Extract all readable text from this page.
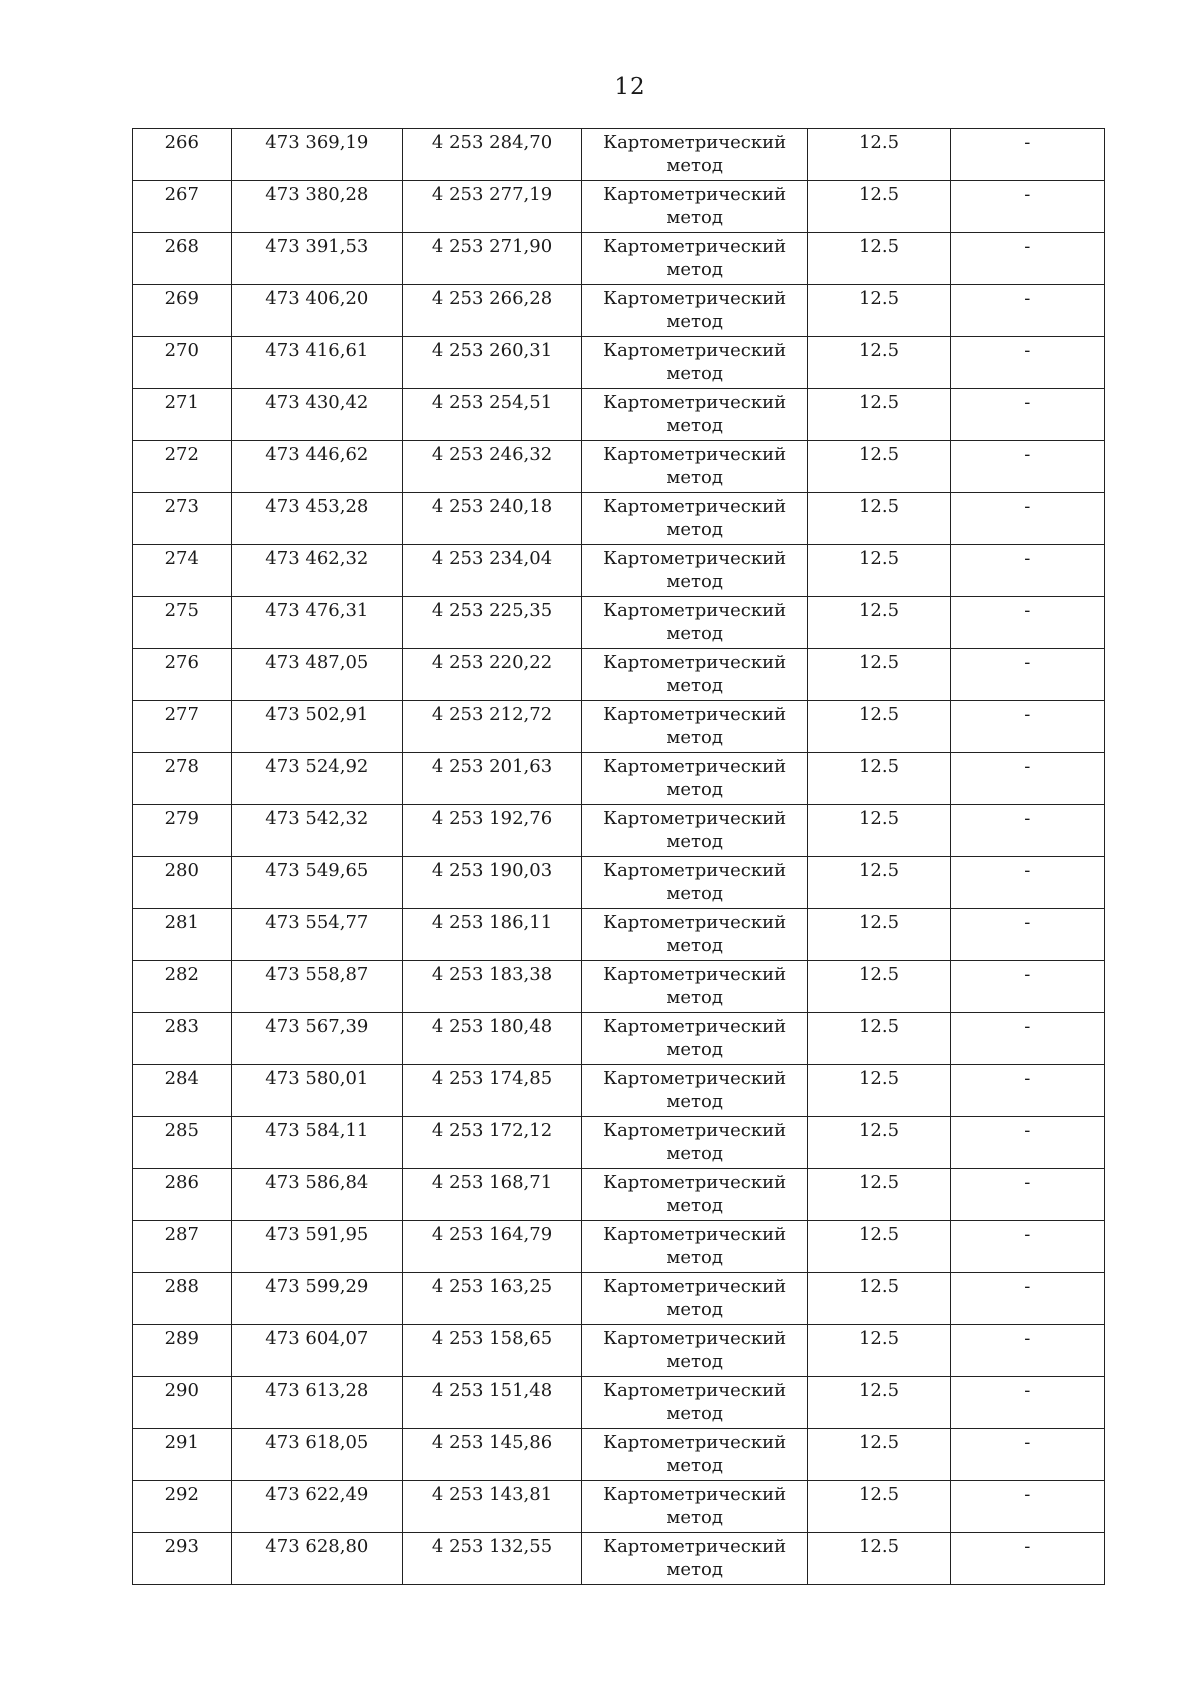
12
266	473 369,19	4 253 284,70	Картометрический метод	12.5	-
267	473 380,28	4 253 277,19	Картометрический метод	12.5	-
268	473 391,53	4 253 271,90	Картометрический метод	12.5	-
269	473 406,20	4 253 266,28	Картометрический метод	12.5	-
270	473 416,61	4 253 260,31	Картометрический метод	12.5	-
271	473 430,42	4 253 254,51	Картометрический метод	12.5	-
272	473 446,62	4 253 246,32	Картометрический метод	12.5	-
273	473 453,28	4 253 240,18	Картометрический метод	12.5	-
274	473 462,32	4 253 234,04	Картометрический метод	12.5	-
275	473 476,31	4 253 225,35	Картометрический метод	12.5	-
276	473 487,05	4 253 220,22	Картометрический метод	12.5	-
277	473 502,91	4 253 212,72	Картометрический метод	12.5	-
278	473 524,92	4 253 201,63	Картометрический метод	12.5	-
279	473 542,32	4 253 192,76	Картометрический метод	12.5	-
280	473 549,65	4 253 190,03	Картометрический метод	12.5	-
281	473 554,77	4 253 186,11	Картометрический метод	12.5	-
282	473 558,87	4 253 183,38	Картометрический метод	12.5	-
283	473 567,39	4 253 180,48	Картометрический метод	12.5	-
284	473 580,01	4 253 174,85	Картометрический метод	12.5	-
285	473 584,11	4 253 172,12	Картометрический метод	12.5	-
286	473 586,84	4 253 168,71	Картометрический метод	12.5	-
287	473 591,95	4 253 164,79	Картометрический метод	12.5	-
288	473 599,29	4 253 163,25	Картометрический метод	12.5	-
289	473 604,07	4 253 158,65	Картометрический метод	12.5	-
290	473 613,28	4 253 151,48	Картометрический метод	12.5	-
291	473 618,05	4 253 145,86	Картометрический метод	12.5	-
292	473 622,49	4 253 143,81	Картометрический метод	12.5	-
293	473 628,80	4 253 132,55	Картометрический метод	12.5	-
